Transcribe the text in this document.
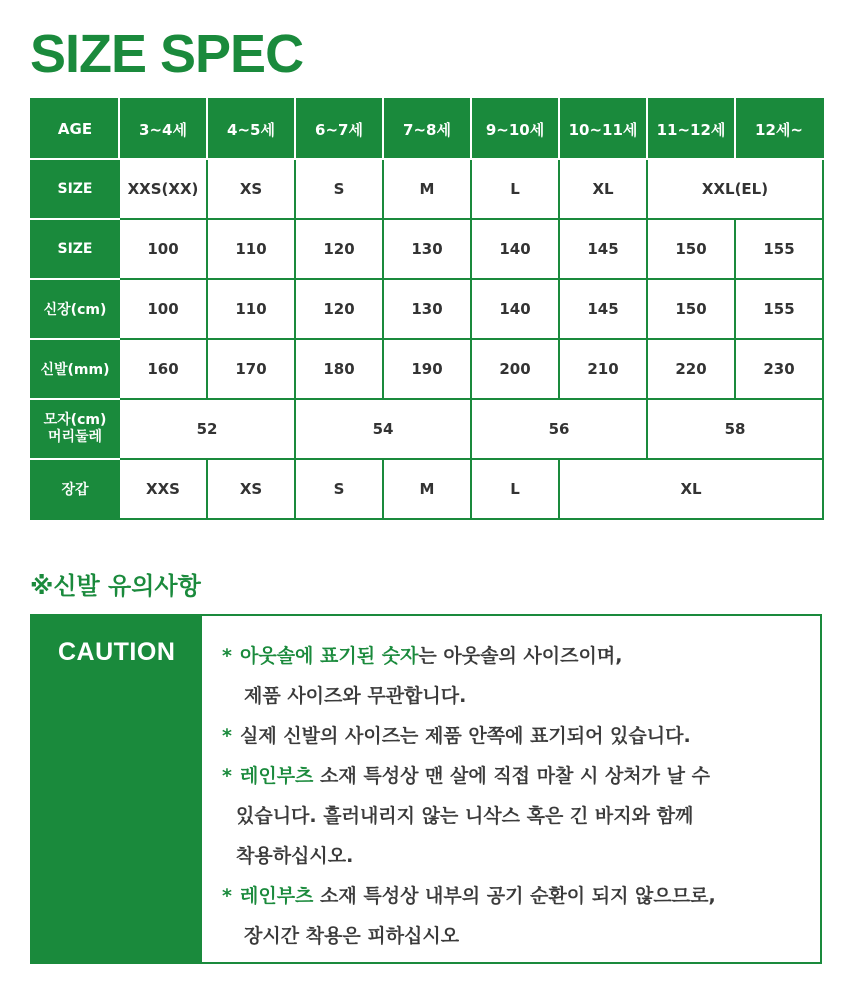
SIZE SPEC
AGE	3~4세	4~5세	6~7세	7~8세	9~10세	10~11세	11~12세	12세~
SIZE	XXS(XX)	XS	S	M	L	XL	XXL(EL)	
SIZE	100	110	120	130	140	145	150	155
신장(cm)	100	110	120	130	140	145	150	155
신발(mm)	160	170	180	190	200	210	220	230

모자(cm)
머리둘레	52		54		56		58	
장갑	XXS	XS	S	M	L	XL		
※신발 유의사항
CAUTION * 아웃솔에 표기된 숫자는 아웃솔의 사이즈이며,
제품 사이즈와 무관합니다.
* 실제 신발의 사이즈는 제품 안쪽에 표기되어 있습니다.
* 레인부츠 소재 특성상 맨 살에 직접 마찰 시 상처가 날 수
있습니다. 흘러내리지 않는 니삭스 혹은 긴 바지와 함께
착용하십시오.
* 레인부츠 소재 특성상 내부의 공기 순환이 되지 않으므로,
장시간 착용은 피하십시오
